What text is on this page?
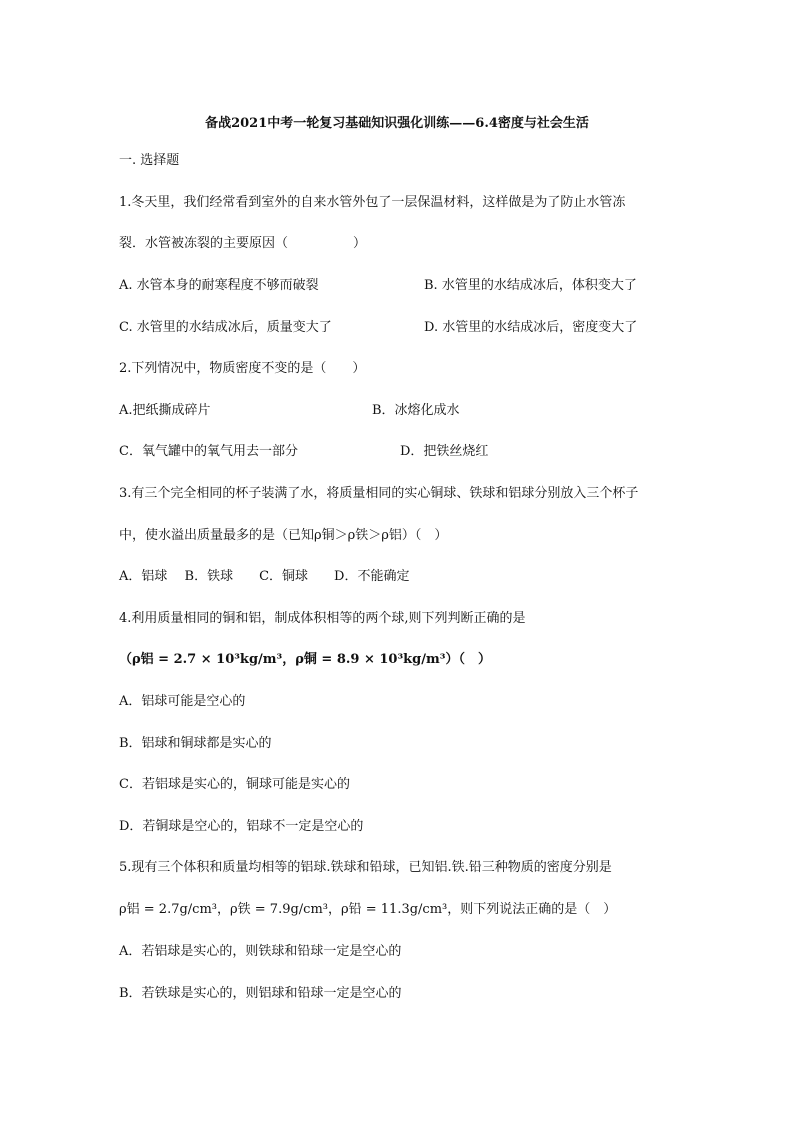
备战2021中考一轮复习基础知识强化训练——6.4密度与社会生活
一. 选择题
1.冬天里，我们经常看到室外的自来水管外包了一层保温材料，这样做是为了防止水管冻
裂．水管被冻裂的主要原因（　　　　　）
A. 水管本身的耐寒程度不够而破裂	B. 水管里的水结成冰后，体积变大了
C. 水管里的水结成冰后，质量变大了	D. 水管里的水结成冰后，密度变大了
2.下列情况中，物质密度不变的是（　　）
A.把纸撕成碎片	B．冰熔化成水
C．氧气罐中的氧气用去一部分	D．把铁丝烧红
3.有三个完全相同的杯子装满了水，将质量相同的实心铜球、铁球和铝球分别放入三个杯子
中，使水溢出质量最多的是（已知ρ铜＞ρ铁＞ρ铝）（　）
A．铝球　 B．铁球　　C．铜球　　D．不能确定
4.利用质量相同的铜和铝，制成体积相等的两个球,则下列判断正确的是
（ρ铝 = 2.7 × 10³kg/m³，ρ铜 = 8.9 × 10³kg/m³）（　）
A．铝球可能是空心的
B．铝球和铜球都是实心的
C．若铝球是实心的，铜球可能是实心的
D．若铜球是空心的，铝球不一定是空心的
5.现有三个体积和质量均相等的铝球.铁球和铅球，已知铝.铁.铅三种物质的密度分别是
ρ铝 = 2.7g/cm³，ρ铁 = 7.9g/cm³，ρ铅 = 11.3g/cm³，则下列说法正确的是（　）
A．若铝球是实心的，则铁球和铅球一定是空心的
B．若铁球是实心的，则铝球和铅球一定是空心的
